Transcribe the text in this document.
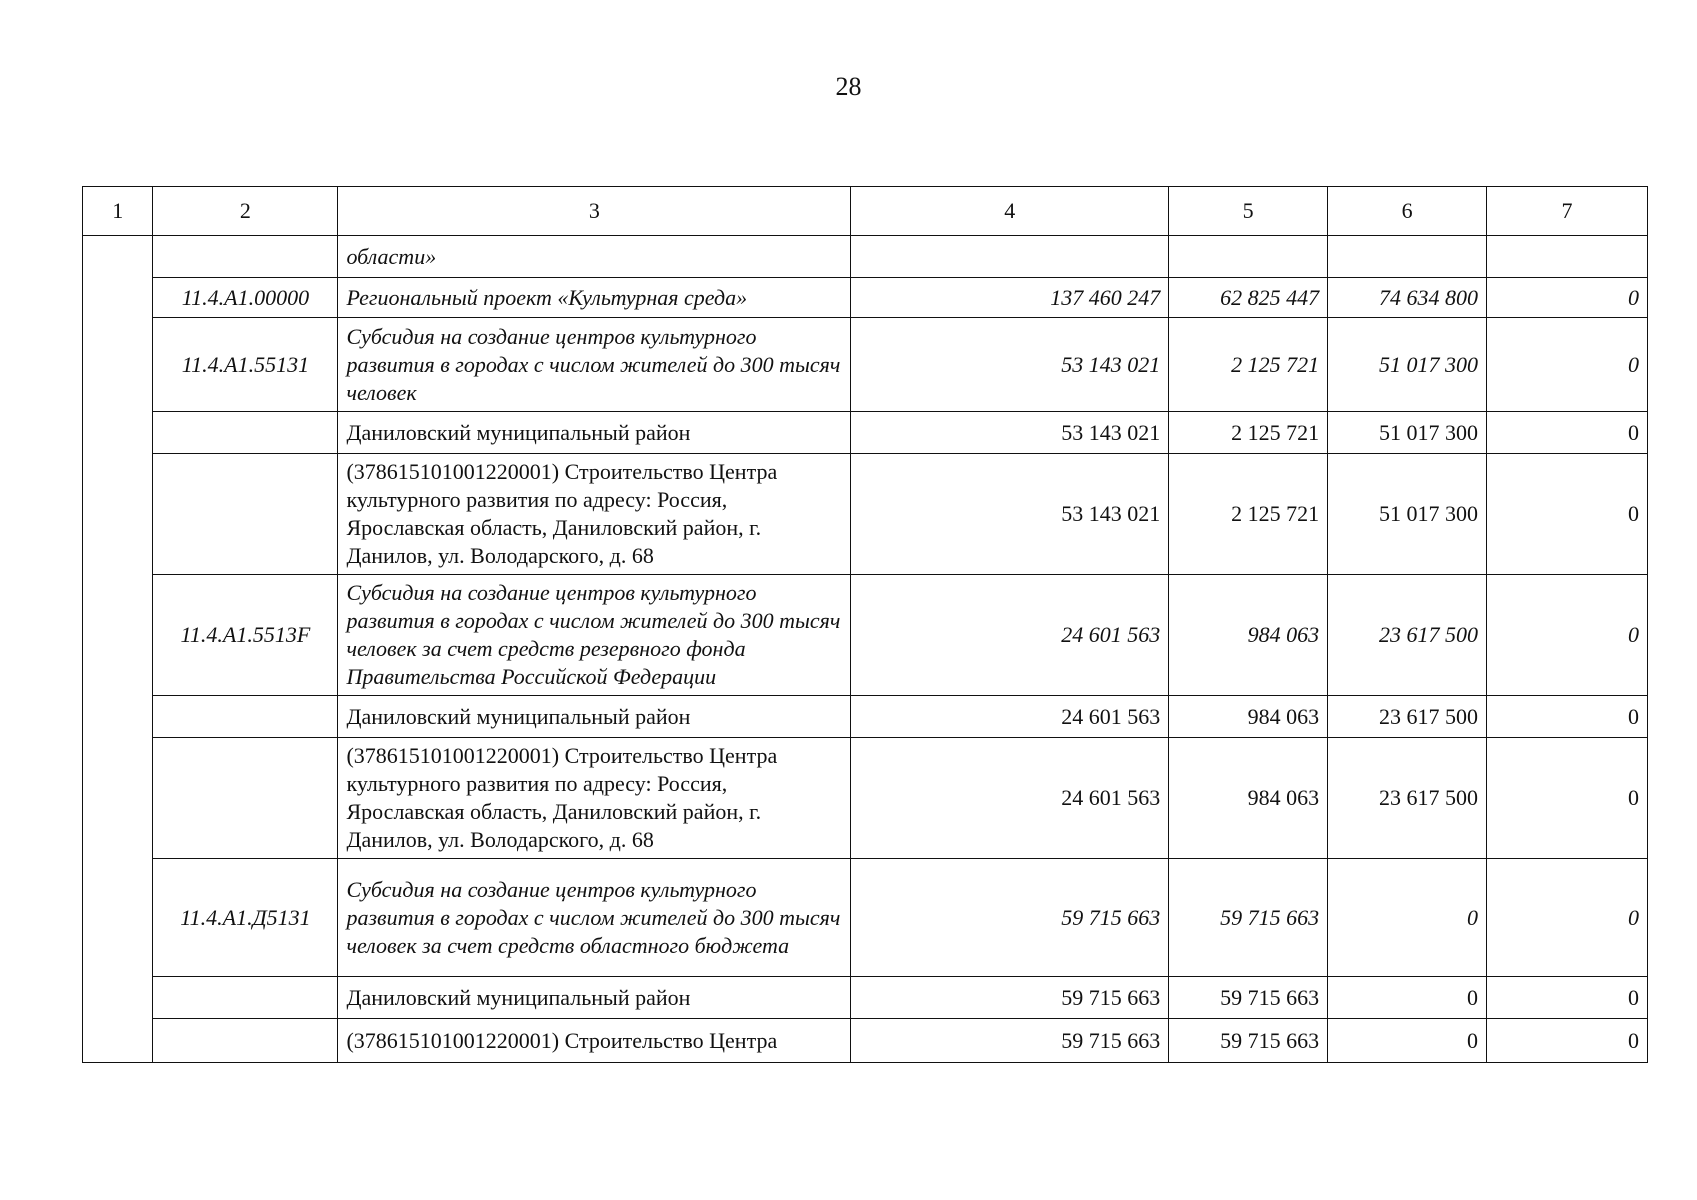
28
1	2	3	4	5	6	7
		области»				
	11.4.A1.00000	Региональный проект «Культурная среда»	137 460 247	62 825 447	74 634 800	0
	11.4.A1.55131	Субсидия на создание центров культурного развития в городах с числом жителей до 300 тысяч человек	53 143 021	2 125 721	51 017 300	0
		Даниловский муниципальный район	53 143 021	2 125 721	51 017 300	0
		(378615101001220001) Строительство Центра культурного развития по адресу: Россия, Ярославская область, Даниловский район, г. Данилов, ул. Володарского, д. 68	53 143 021	2 125 721	51 017 300	0
	11.4.A1.5513F	Субсидия на создание центров культурного развития в городах с числом жителей до 300 тысяч человек за счет средств резервного фонда Правительства Российской Федерации	24 601 563	984 063	23 617 500	0
		Даниловский муниципальный район	24 601 563	984 063	23 617 500	0
		(378615101001220001) Строительство Центра культурного развития по адресу: Россия, Ярославская область, Даниловский район, г. Данилов, ул. Володарского, д. 68	24 601 563	984 063	23 617 500	0
	11.4.A1.Д5131	Субсидия на создание центров культурного развития в городах с числом жителей до 300 тысяч человек за счет средств областного бюджета	59 715 663	59 715 663	0	0
		Даниловский муниципальный район	59 715 663	59 715 663	0	0
		(378615101001220001) Строительство Центра	59 715 663	59 715 663	0	0
